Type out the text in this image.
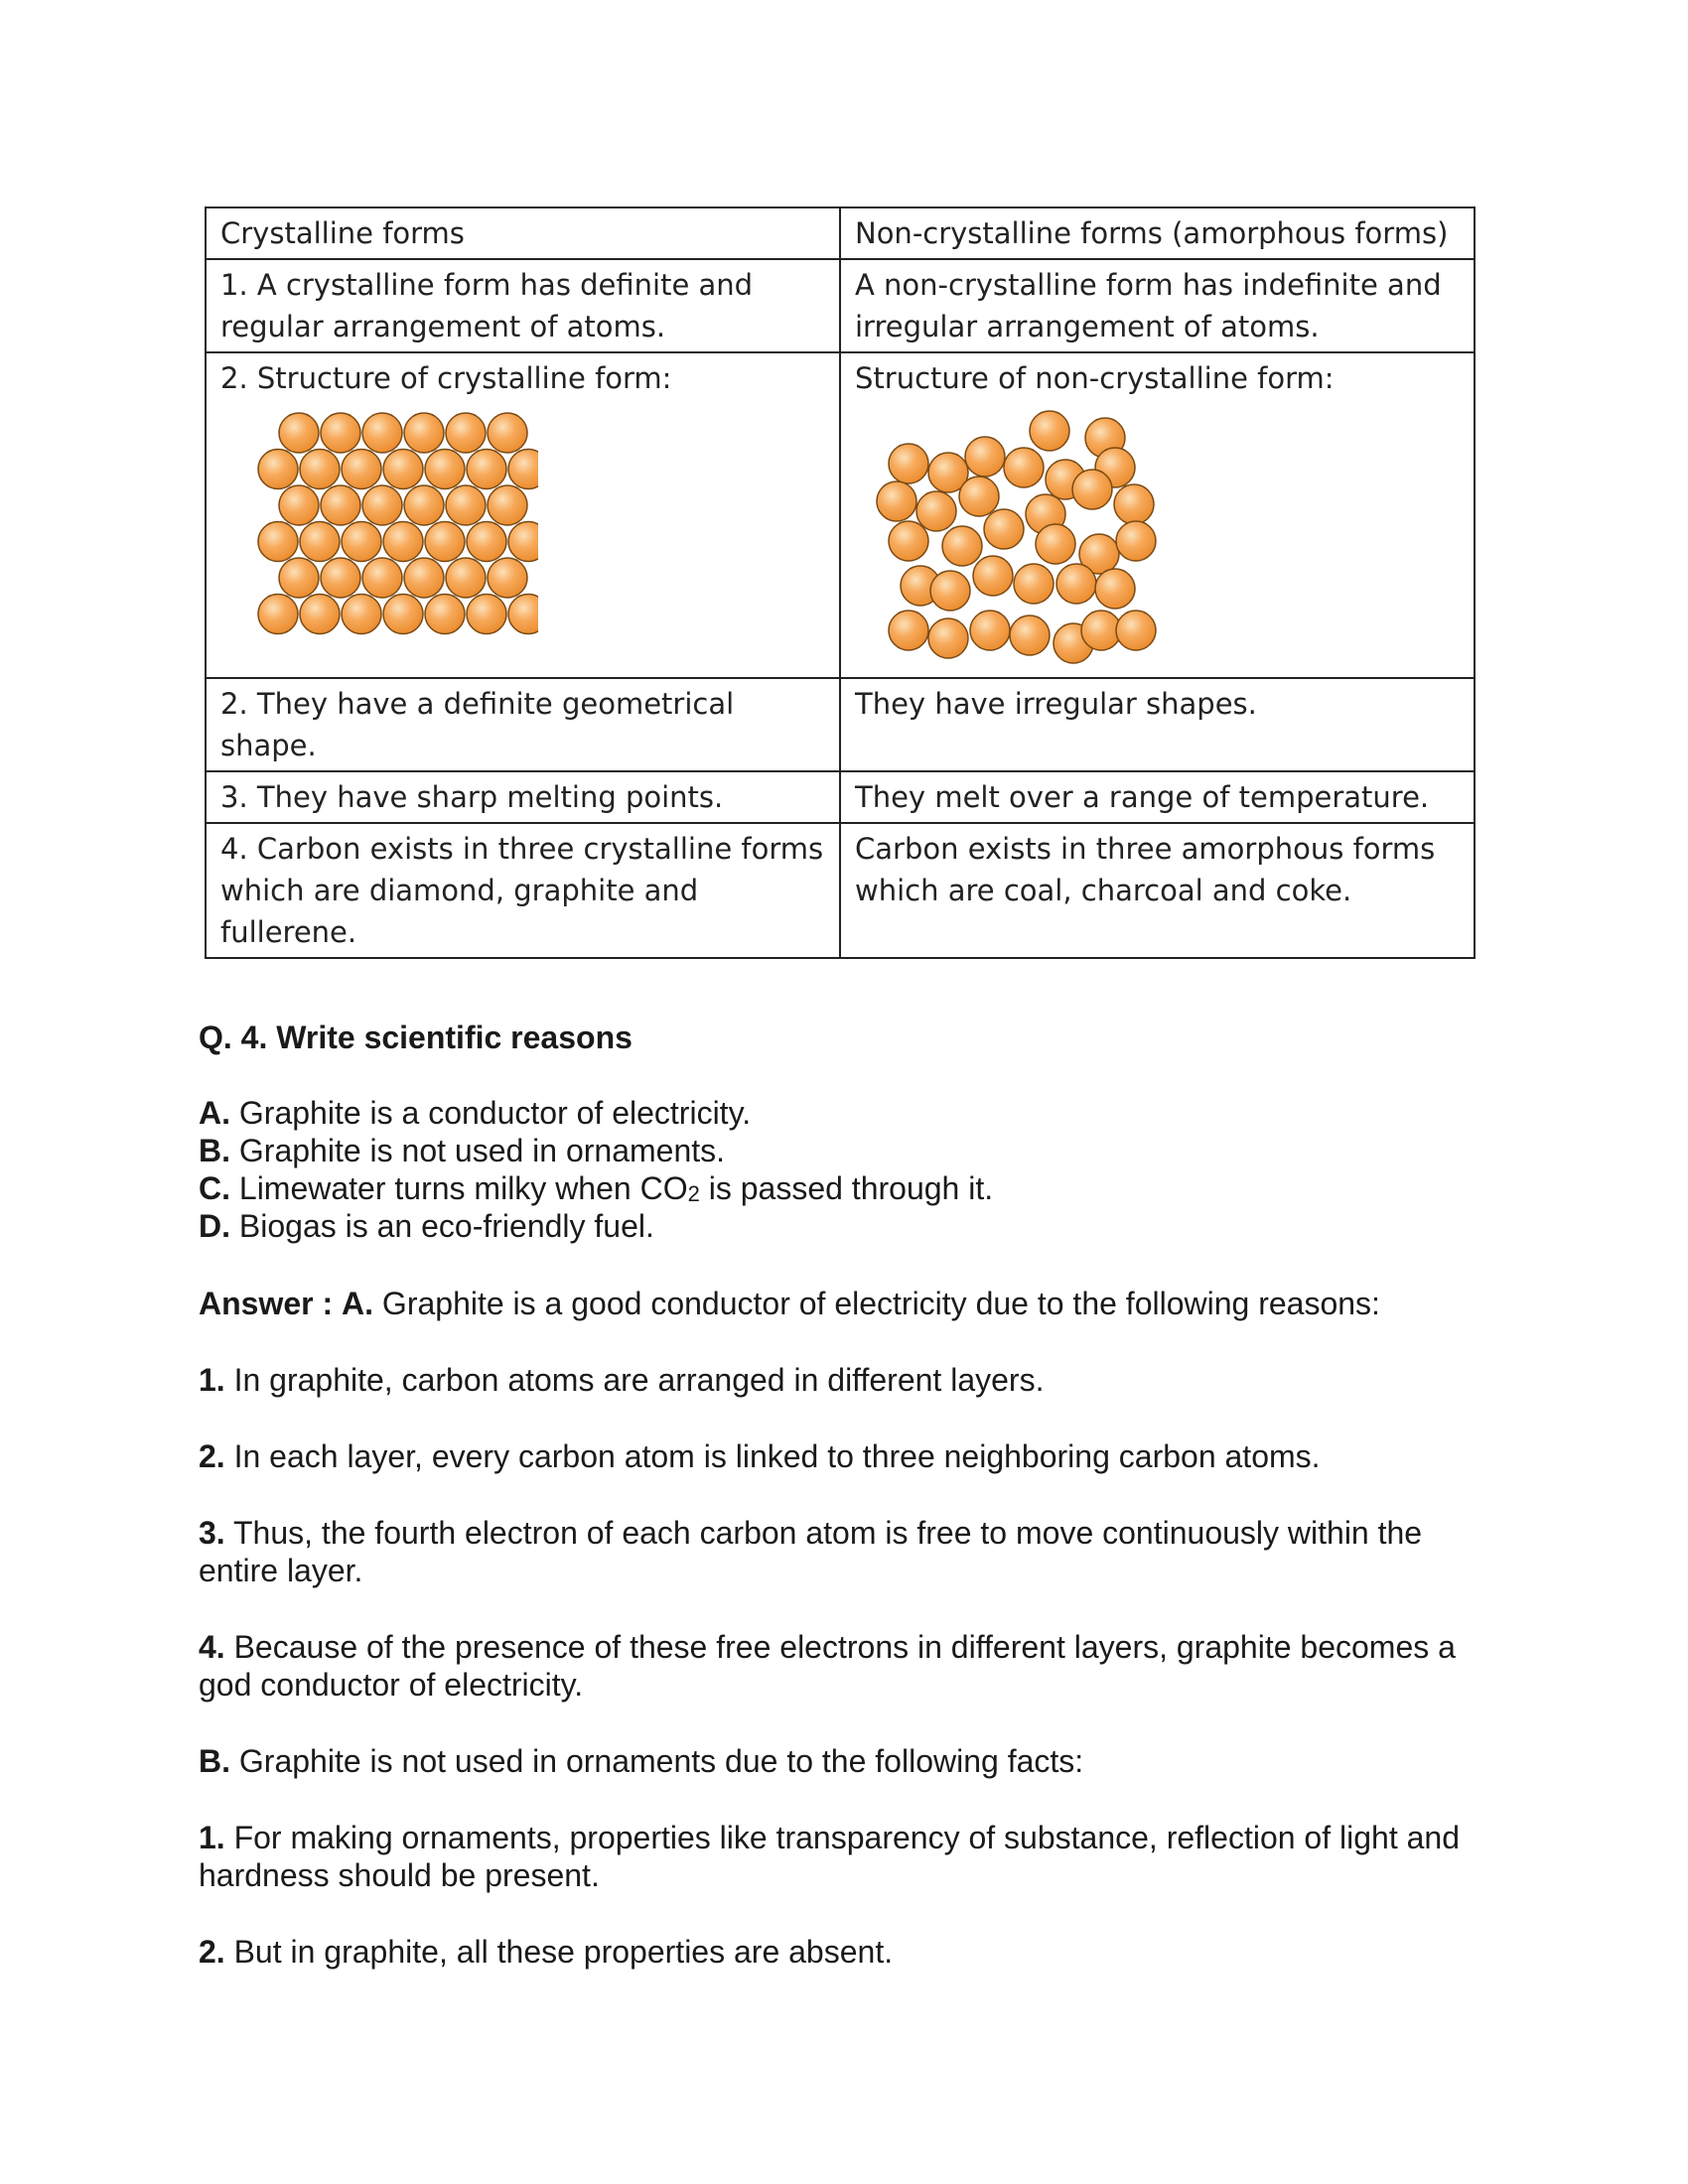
Crystalline forms	Non-crystalline forms (amorphous forms)
1. A crystalline form has definite and regular arrangement of atoms.	A non-crystalline form has indefinite and irregular arrangement of atoms.

2. Structure of crystalline form:	Structure of non-crystalline form:

2. They have a definite geometrical shape.	They have irregular shapes.
3. They have sharp melting points.	They melt over a range of temperature.
4. Carbon exists in three crystalline forms which are diamond, graphite and fullerene.	Carbon exists in three amorphous forms which are coal, charcoal and coke.
Q. 4. Write scientific reasons
A. Graphite is a conductor of electricity.
B. Graphite is not used in ornaments.
C. Limewater turns milky when $CO_2$ is passed through it.
D. Biogas is an eco-friendly fuel.
Answer : A. Graphite is a good conductor of electricity due to the following reasons:
1. In graphite, carbon atoms are arranged in different layers.
2. In each layer, every carbon atom is linked to three neighboring carbon atoms.
3. Thus, the fourth electron of each carbon atom is free to move continuously within the entire layer.
4. Because of the presence of these free electrons in different layers, graphite becomes a god conductor of electricity.
B. Graphite is not used in ornaments due to the following facts:
1. For making ornaments, properties like transparency of substance, reflection of light and hardness should be present.
2. But in graphite, all these properties are absent.
